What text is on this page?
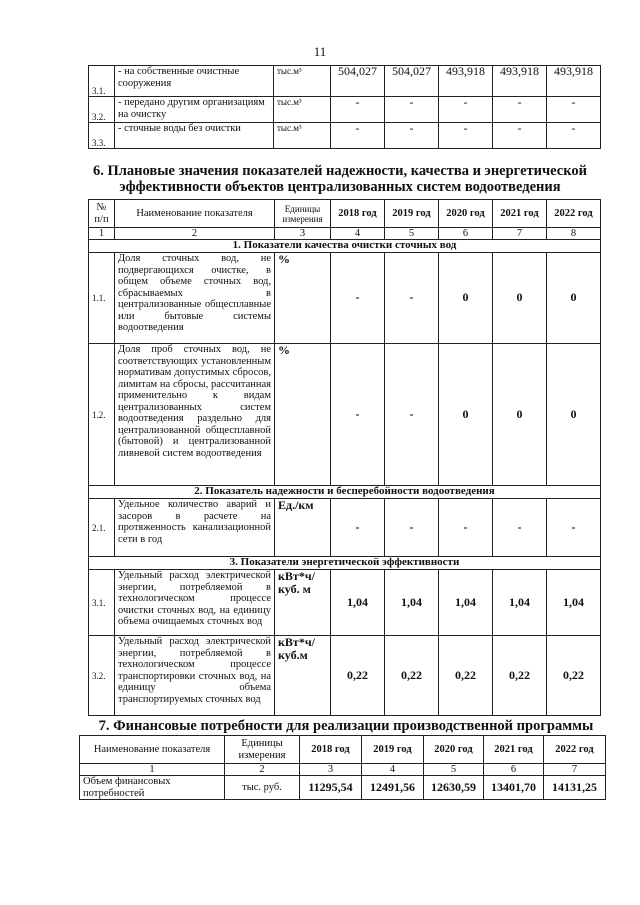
11
3.1.	- на собственные очистные сооружения	тыс.м³	504,027	504,027	493,918	493,918	493,918
3.2.	- передано другим организациям на очистку	тыс.м³	-	-	-	-	-
3.3.	- сточные воды без очистки	тыс.м³	-	-	-	-	-
6. Плановые значения показателей надежности, качества и энергетической эффективности объектов централизованных систем водоотведения
№ п/п	Наименование показателя	Единицы измерения	2018 год	2019 год	2020 год	2021 год	2022 год
1	2	3	4	5	6	7	8
1. Показатели качества очистки сточных вод							
1.1.	Доля сточных вод, не подвергающихся очистке, в общем объеме сточных вод, сбрасываемых в централизованные общесплавные или бытовые системы водоотведения	%	-	-	0	0	0
1.2.	Доля проб сточных вод, не соответствующих установленным нормативам допустимых сбросов, лимитам на сбросы, рассчитанная применительно к видам централизованных систем водоотведения раздельно для централизованной общесплавной (бытовой) и централизованной ливневой систем водоотведения	%	-	-	0	0	0
2. Показатель надежности и бесперебойности водоотведения							
2.1.	Удельное количество аварий и засоров в расчете на протяженность канализационной сети в год	Ед./км	-	-	-	-	-
3. Показатели энергетической эффективности							
3.1.	Удельный расход электрической энергии, потребляемой в технологическом процессе очистки сточных вод, на единицу объема очищаемых сточных вод	кВт*ч/ куб. м	1,04	1,04	1,04	1,04	1,04
3.2.	Удельный расход электрической энергии, потребляемой в технологическом процессе транспортировки сточных вод, на единицу объема транспортируемых сточных вод	кВт*ч/ куб.м	0,22	0,22	0,22	0,22	0,22
7. Финансовые потребности для реализации производственной программы
Наименование показателя	Единицы измерения	2018 год	2019 год	2020 год	2021 год	2022 год
1	2	3	4	5	6	7
Объем финансовых потребностей	тыс. руб.	11295,54	12491,56	12630,59	13401,70	14131,25
